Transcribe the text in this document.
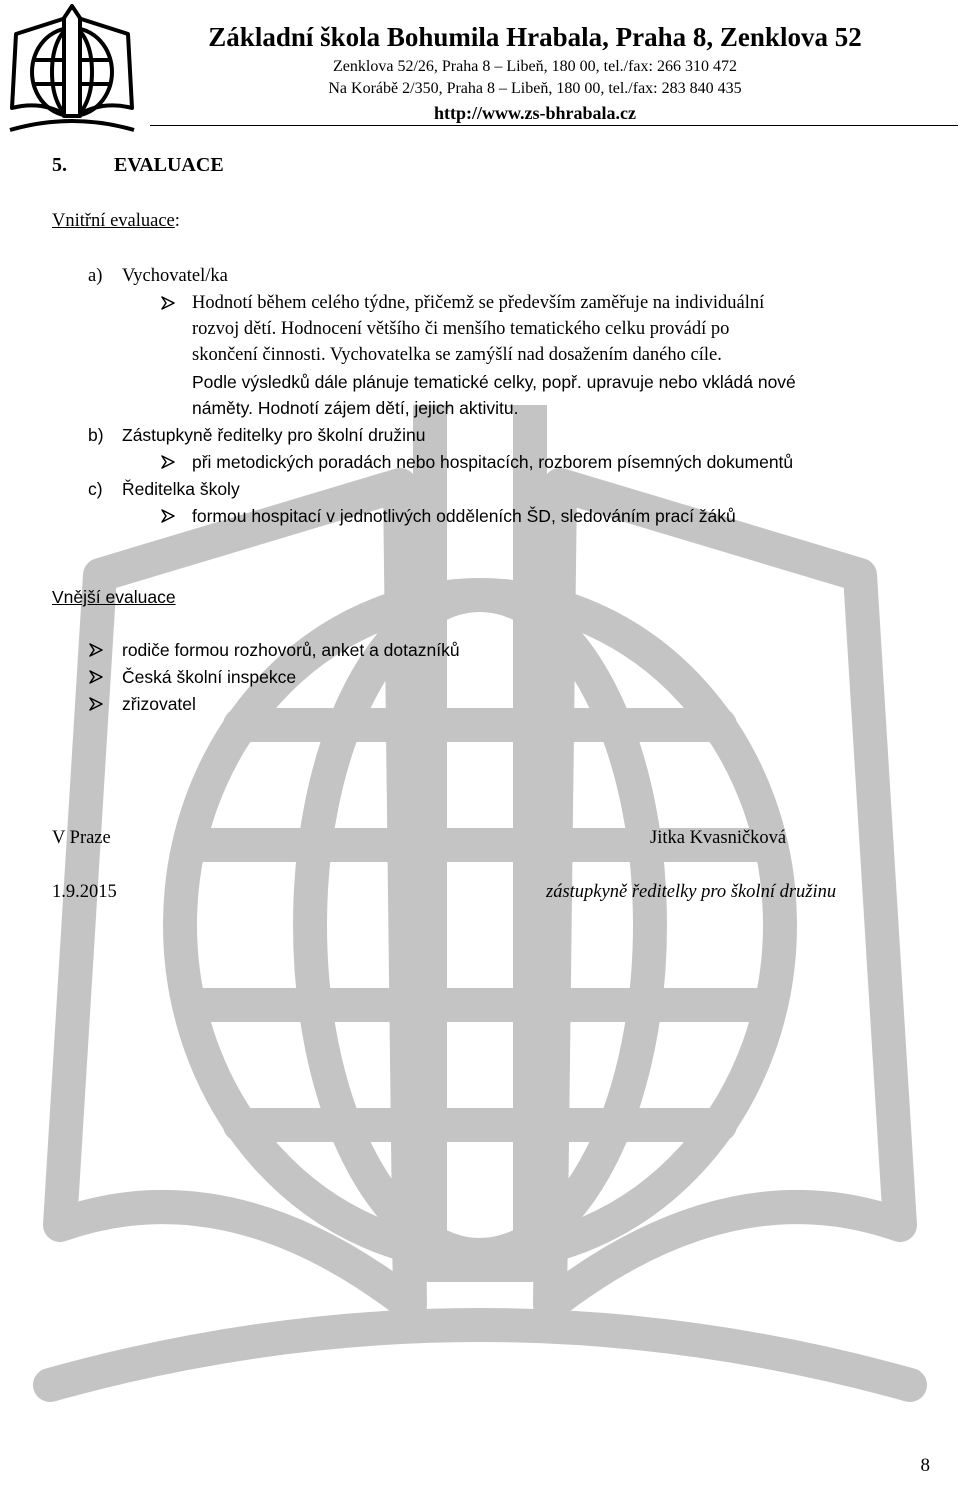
Základní škola Bohumila Hrabala, Praha 8, Zenklova 52
Zenklova 52/26, Praha 8 – Libeň, 180 00, tel./fax: 266 310 472
Na Korábě 2/350, Praha 8 – Libeň, 180 00, tel./fax: 283 840 435
http://www.zs-bhrabala.cz
5. EVALUACE
Vnitřní evaluace:
a) Vychovatel/ka
Hodnotí během celého týdne, přičemž se především zaměřuje na individuální
rozvoj dětí. Hodnocení většího či menšího tematického celku provádí po
skončení činnosti. Vychovatelka se zamýšlí nad dosažením daného cíle.
Podle výsledků dále plánuje tematické celky, popř. upravuje nebo vkládá nové
náměty. Hodnotí zájem dětí, jejich aktivitu.
b) Zástupkyně ředitelky pro školní družinu
při metodických poradách nebo hospitacích, rozborem písemných dokumentů
c) Ředitelka školy
formou hospitací v jednotlivých odděleních ŠD, sledováním prací žáků
Vnější evaluace
rodiče formou rozhovorů, anket a dotazníků
Česká školní inspekce
zřizovatel
V Praze	Jitka Kvasničková
1.9.2015	zástupkyně ředitelky pro školní družinu
8
